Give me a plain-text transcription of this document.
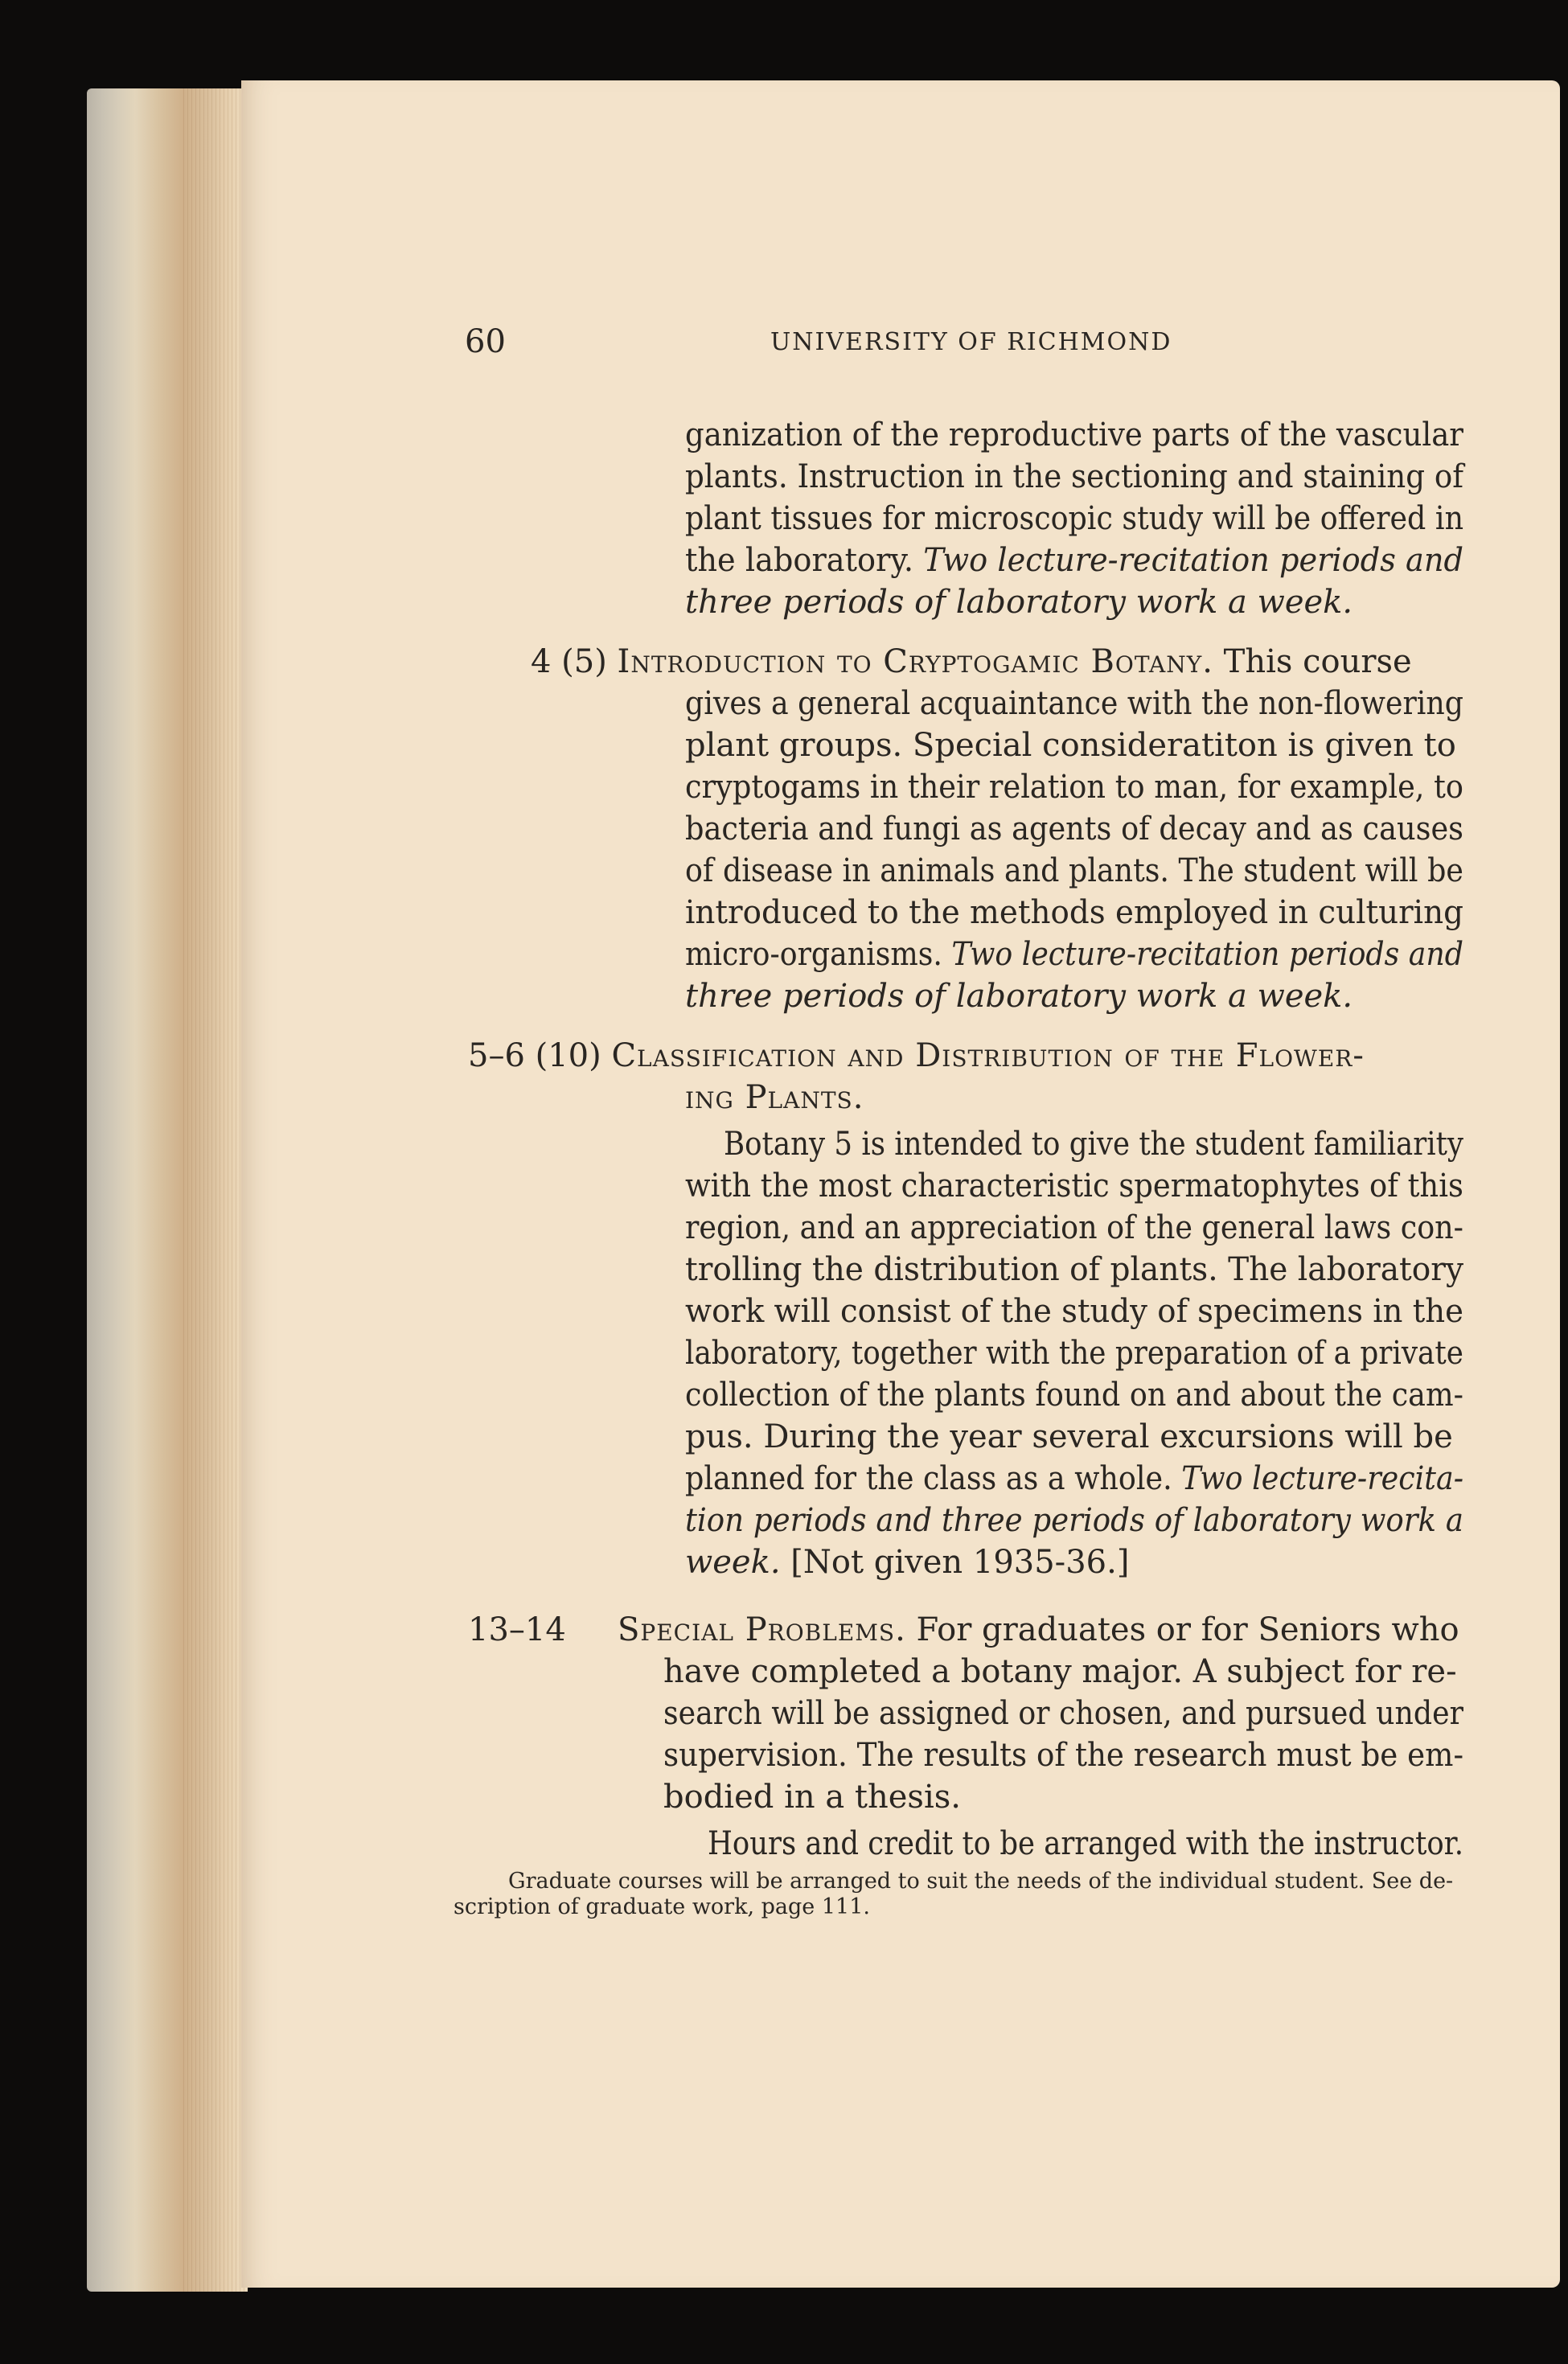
60	UNIVERSITY OF RICHMOND
ganization of the reproductive parts of the vascular
plants. Instruction in the sectioning and staining of
plant tissues for microscopic study will be offered in
the laboratory. Two lecture-recitation periods and
three periods of laboratory work a week.
4 (5) Introduction to Cryptogamic Botany. This course
gives a general acquaintance with the non-flowering
plant groups. Special consideratiton is given to
cryptogams in their relation to man, for example, to
bacteria and fungi as agents of decay and as causes
of disease in animals and plants. The student will be
introduced to the methods employed in culturing
micro-organisms. Two lecture-recitation periods and
three periods of laboratory work a week.
5–6 (10) Classification and Distribution of the Flower-
ing Plants.
Botany 5 is intended to give the student familiarity
with the most characteristic spermatophytes of this
region, and an appreciation of the general laws con-
trolling the distribution of plants. The laboratory
work will consist of the study of specimens in the
laboratory, together with the preparation of a private
collection of the plants found on and about the cam-
pus. During the year several excursions will be
planned for the class as a whole. Two lecture-recita-
tion periods and three periods of laboratory work a
week. [Not given 1935-36.]
13–14 Special Problems. For graduates or for Seniors who
have completed a botany major. A subject for re-
search will be assigned or chosen, and pursued under
supervision. The results of the research must be em-
bodied in a thesis.
Hours and credit to be arranged with the instructor.
Graduate courses will be arranged to suit the needs of the individual student. See de-
scription of graduate work, page 111.
